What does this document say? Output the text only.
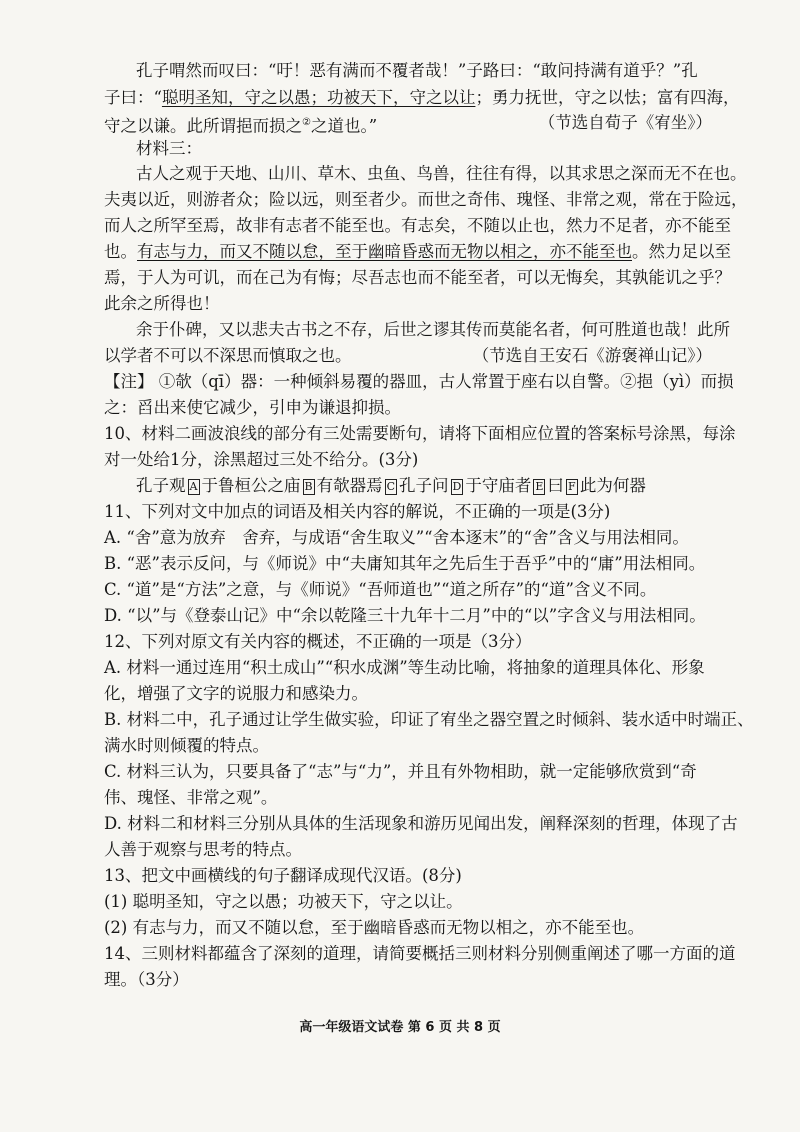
孔子喟然而叹曰：“吁！恶有满而不覆者哉！”子路曰：“敢问持满有道乎？”孔
子曰：“聪明圣知，守之以愚；功被天下，守之以让；勇力抚世，守之以怯；富有四海，
守之以谦。此所谓挹而损之②之道也。”	（节选自荀子《宥坐》）
材料三：
古人之观于天地、山川、草木、虫鱼、鸟兽，往往有得，以其求思之深而无不在也。
夫夷以近，则游者众；险以远，则至者少。而世之奇伟、瑰怪、非常之观，常在于险远，
而人之所罕至焉，故非有志者不能至也。有志矣，不随以止也，然力不足者，亦不能至
也。有志与力，而又不随以怠，至于幽暗昏惑而无物以相之，亦不能至也。然力足以至
焉，于人为可讥，而在己为有悔；尽吾志也而不能至者，可以无悔矣，其孰能讥之乎？
此余之所得也！
余于仆碑，又以悲夫古书之不存，后世之谬其传而莫能名者，何可胜道也哉！此所
以学者不可以不深思而慎取之也。	（节选自王安石《游褒禅山记》）
【注】 ①欹（qī）器：一种倾斜易覆的器皿，古人常置于座右以自警。②挹（yì）而损
之：舀出来使它减少，引申为谦退抑损。
10、材料二画波浪线的部分有三处需要断句，请将下面相应位置的答案标号涂黑，每涂
对一处给1分，涂黑超过三处不给分。(3分)
孔子观 A 于鲁桓公之庙 B 有欹器焉 C 孔子问 D 于守庙者 E 曰 F 此为何器
11、下列对文中加点的词语及相关内容的解说，不正确的一项是(3分)
A. “舍”意为放弃　舍弃，与成语“舍生取义”“舍本逐末”的“舍”含义与用法相同。
B. “恶”表示反问，与《师说》中“夫庸知其年之先后生于吾乎”中的“庸”用法相同。
C. “道”是“方法”之意，与《师说》“吾师道也”“道之所存”的“道”含义不同。
D. “以”与《登泰山记》中“余以乾隆三十九年十二月”中的“以”字含义与用法相同。
12、下列对原文有关内容的概述，不正确的一项是（3分）
A. 材料一通过连用“积土成山”“积水成渊”等生动比喻，将抽象的道理具体化、形象
化，增强了文字的说服力和感染力。
B. 材料二中，孔子通过让学生做实验，印证了宥坐之器空置之时倾斜、装水适中时端正、
满水时则倾覆的特点。
C. 材料三认为，只要具备了“志”与“力”，并且有外物相助，就一定能够欣赏到“奇
伟、瑰怪、非常之观”。
D. 材料二和材料三分别从具体的生活现象和游历见闻出发，阐释深刻的哲理，体现了古
人善于观察与思考的特点。
13、把文中画横线的句子翻译成现代汉语。(8分)
(1) 聪明圣知，守之以愚；功被天下，守之以让。
(2) 有志与力，而又不随以怠，至于幽暗昏惑而无物以相之，亦不能至也。
14、三则材料都蕴含了深刻的道理，请简要概括三则材料分别侧重阐述了哪一方面的道
理。（3分）
高一年级语文试卷 第 6 页 共 8 页
